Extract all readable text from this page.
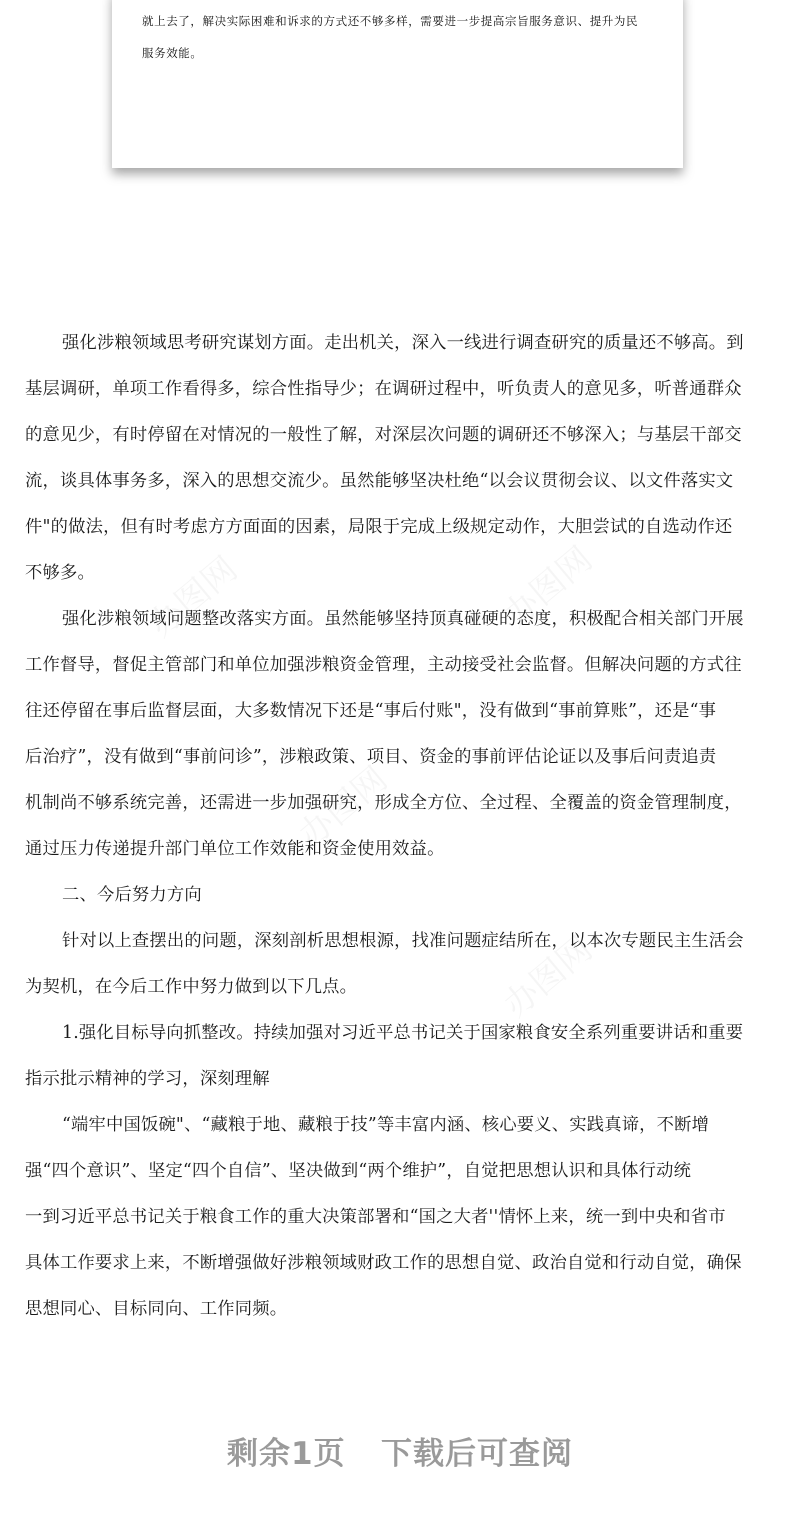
就上去了，解决实际困难和诉求的方式还不够多样，需要进一步提高宗旨服务意识、提升为民
服务效能。
强化涉粮领域思考研究谋划方面。走出机关，深入一线进行调查研究的质量还不够高。到
基层调研，单项工作看得多，综合性指导少；在调研过程中，听负责人的意见多，听普通群众
的意见少，有时停留在对情况的一般性了解，对深层次问题的调研还不够深入；与基层干部交
流，谈具体事务多，深入的思想交流少。虽然能够坚决杜绝“以会议贯彻会议、以文件落实文
件"的做法，但有时考虑方方面面的因素，局限于完成上级规定动作，大胆尝试的自选动作还
不够多。
强化涉粮领域问题整改落实方面。虽然能够坚持顶真碰硬的态度，积极配合相关部门开展
工作督导，督促主管部门和单位加强涉粮资金管理，主动接受社会监督。但解决问题的方式往
往还停留在事后监督层面，大多数情况下还是“事后付账"，没有做到“事前算账”，还是“事
后治疗”，没有做到“事前问诊”，涉粮政策、项目、资金的事前评估论证以及事后问责追责
机制尚不够系统完善，还需进一步加强研究，形成全方位、全过程、全覆盖的资金管理制度，
通过压力传递提升部门单位工作效能和资金使用效益。
二、今后努力方向
针对以上查摆出的问题，深刻剖析思想根源，找准问题症结所在，以本次专题民主生活会
为契机，在今后工作中努力做到以下几点。
1.强化目标导向抓整改。持续加强对习近平总书记关于国家粮食安全系列重要讲话和重要
指示批示精神的学习，深刻理解
“端牢中国饭碗"、“藏粮于地、藏粮于技”等丰富内涵、核心要义、实践真谛，不断增
强“四个意识”、坚定“四个自信”、坚决做到“两个维护”，自觉把思想认识和具体行动统
一到习近平总书记关于粮食工作的重大决策部署和“国之大者''情怀上来，统一到中央和省市
具体工作要求上来，不断增强做好涉粮领域财政工作的思想自觉、政治自觉和行动自觉，确保
思想同心、目标同向、工作同频。
剩余1页 下载后可查阅
